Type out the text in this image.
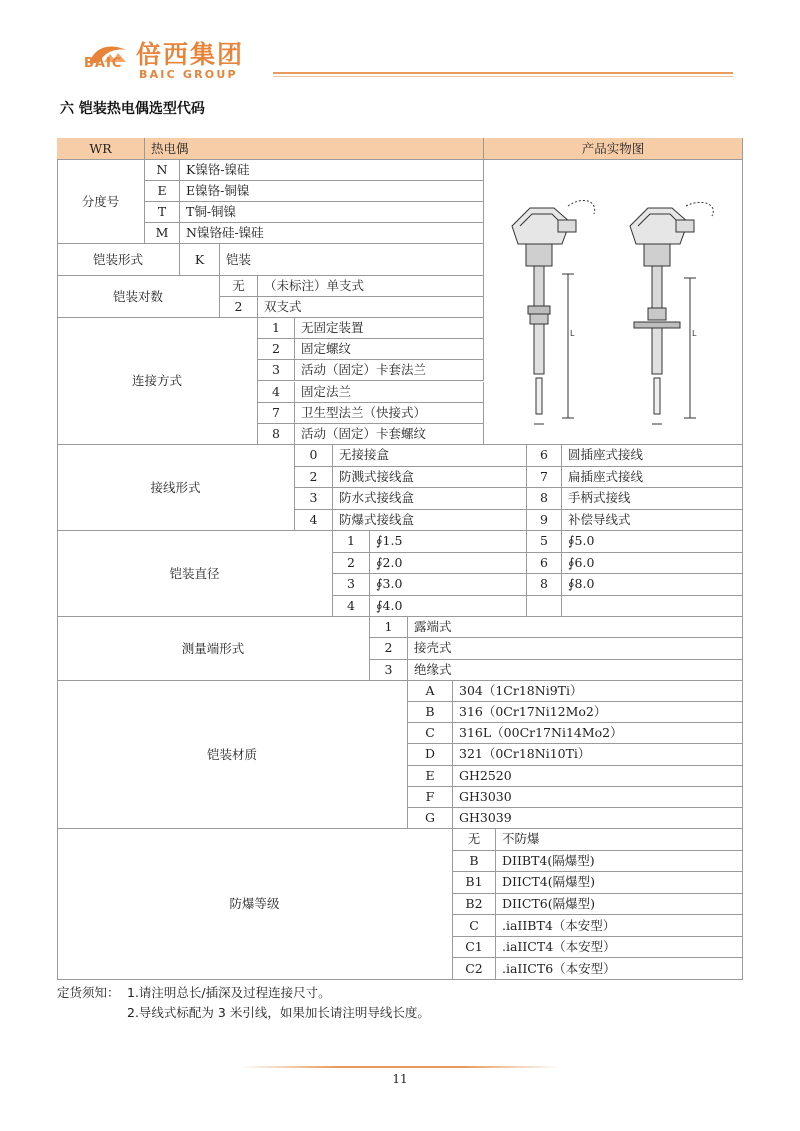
BAIC 倍西集团
BAIC GROUP
六 铠装热电偶选型代码
WR	热电偶	产品实物图
分度号
N	K镍铬-镍硅
E	E镍铬-铜镍
T	T铜-铜镍
M	N镍铬硅-镍硅
铠装形式	K	铠装
铠装对数
无	（未标注）单支式
2	双支式
连接方式
1	无固定装置
2	固定螺纹
3	活动（固定）卡套法兰
4	固定法兰
7	卫生型法兰（快接式）
8	活动（固定）卡套螺纹
接线形式
0	无接接盒	6	圆插座式接线
2	防溅式接线盒	7	扁插座式接线
3	防水式接线盒	8	手柄式接线
4	防爆式接线盒	9	补偿导线式
铠装直径
1	∮1.5	5	∮5.0
2	∮2.0	6	∮6.0
3	∮3.0	8	∮8.0
4	∮4.0
测量端形式
1	露端式
2	接壳式
3	绝缘式
铠装材质
A	304（1Cr18Ni9Ti）
B	316（0Cr17Ni12Mo2）
C	316L（00Cr17Ni14Mo2）
D	321（0Cr18Ni10Ti）
E	GH2520
F	GH3030
G	GH3039
防爆等级
无	不防爆
B	DIIBT4(隔爆型)
B1	DIICT4(隔爆型)
B2	DIICT6(隔爆型)
C	.iaIIBT4（本安型）
C1	.iaIICT4（本安型）
C2	.iaIICT6（本安型）
L	L
定货须知： 1.请注明总长/插深及过程连接尺寸。
2.导线式标配为 3 米引线，如果加长请注明导线长度。
11
